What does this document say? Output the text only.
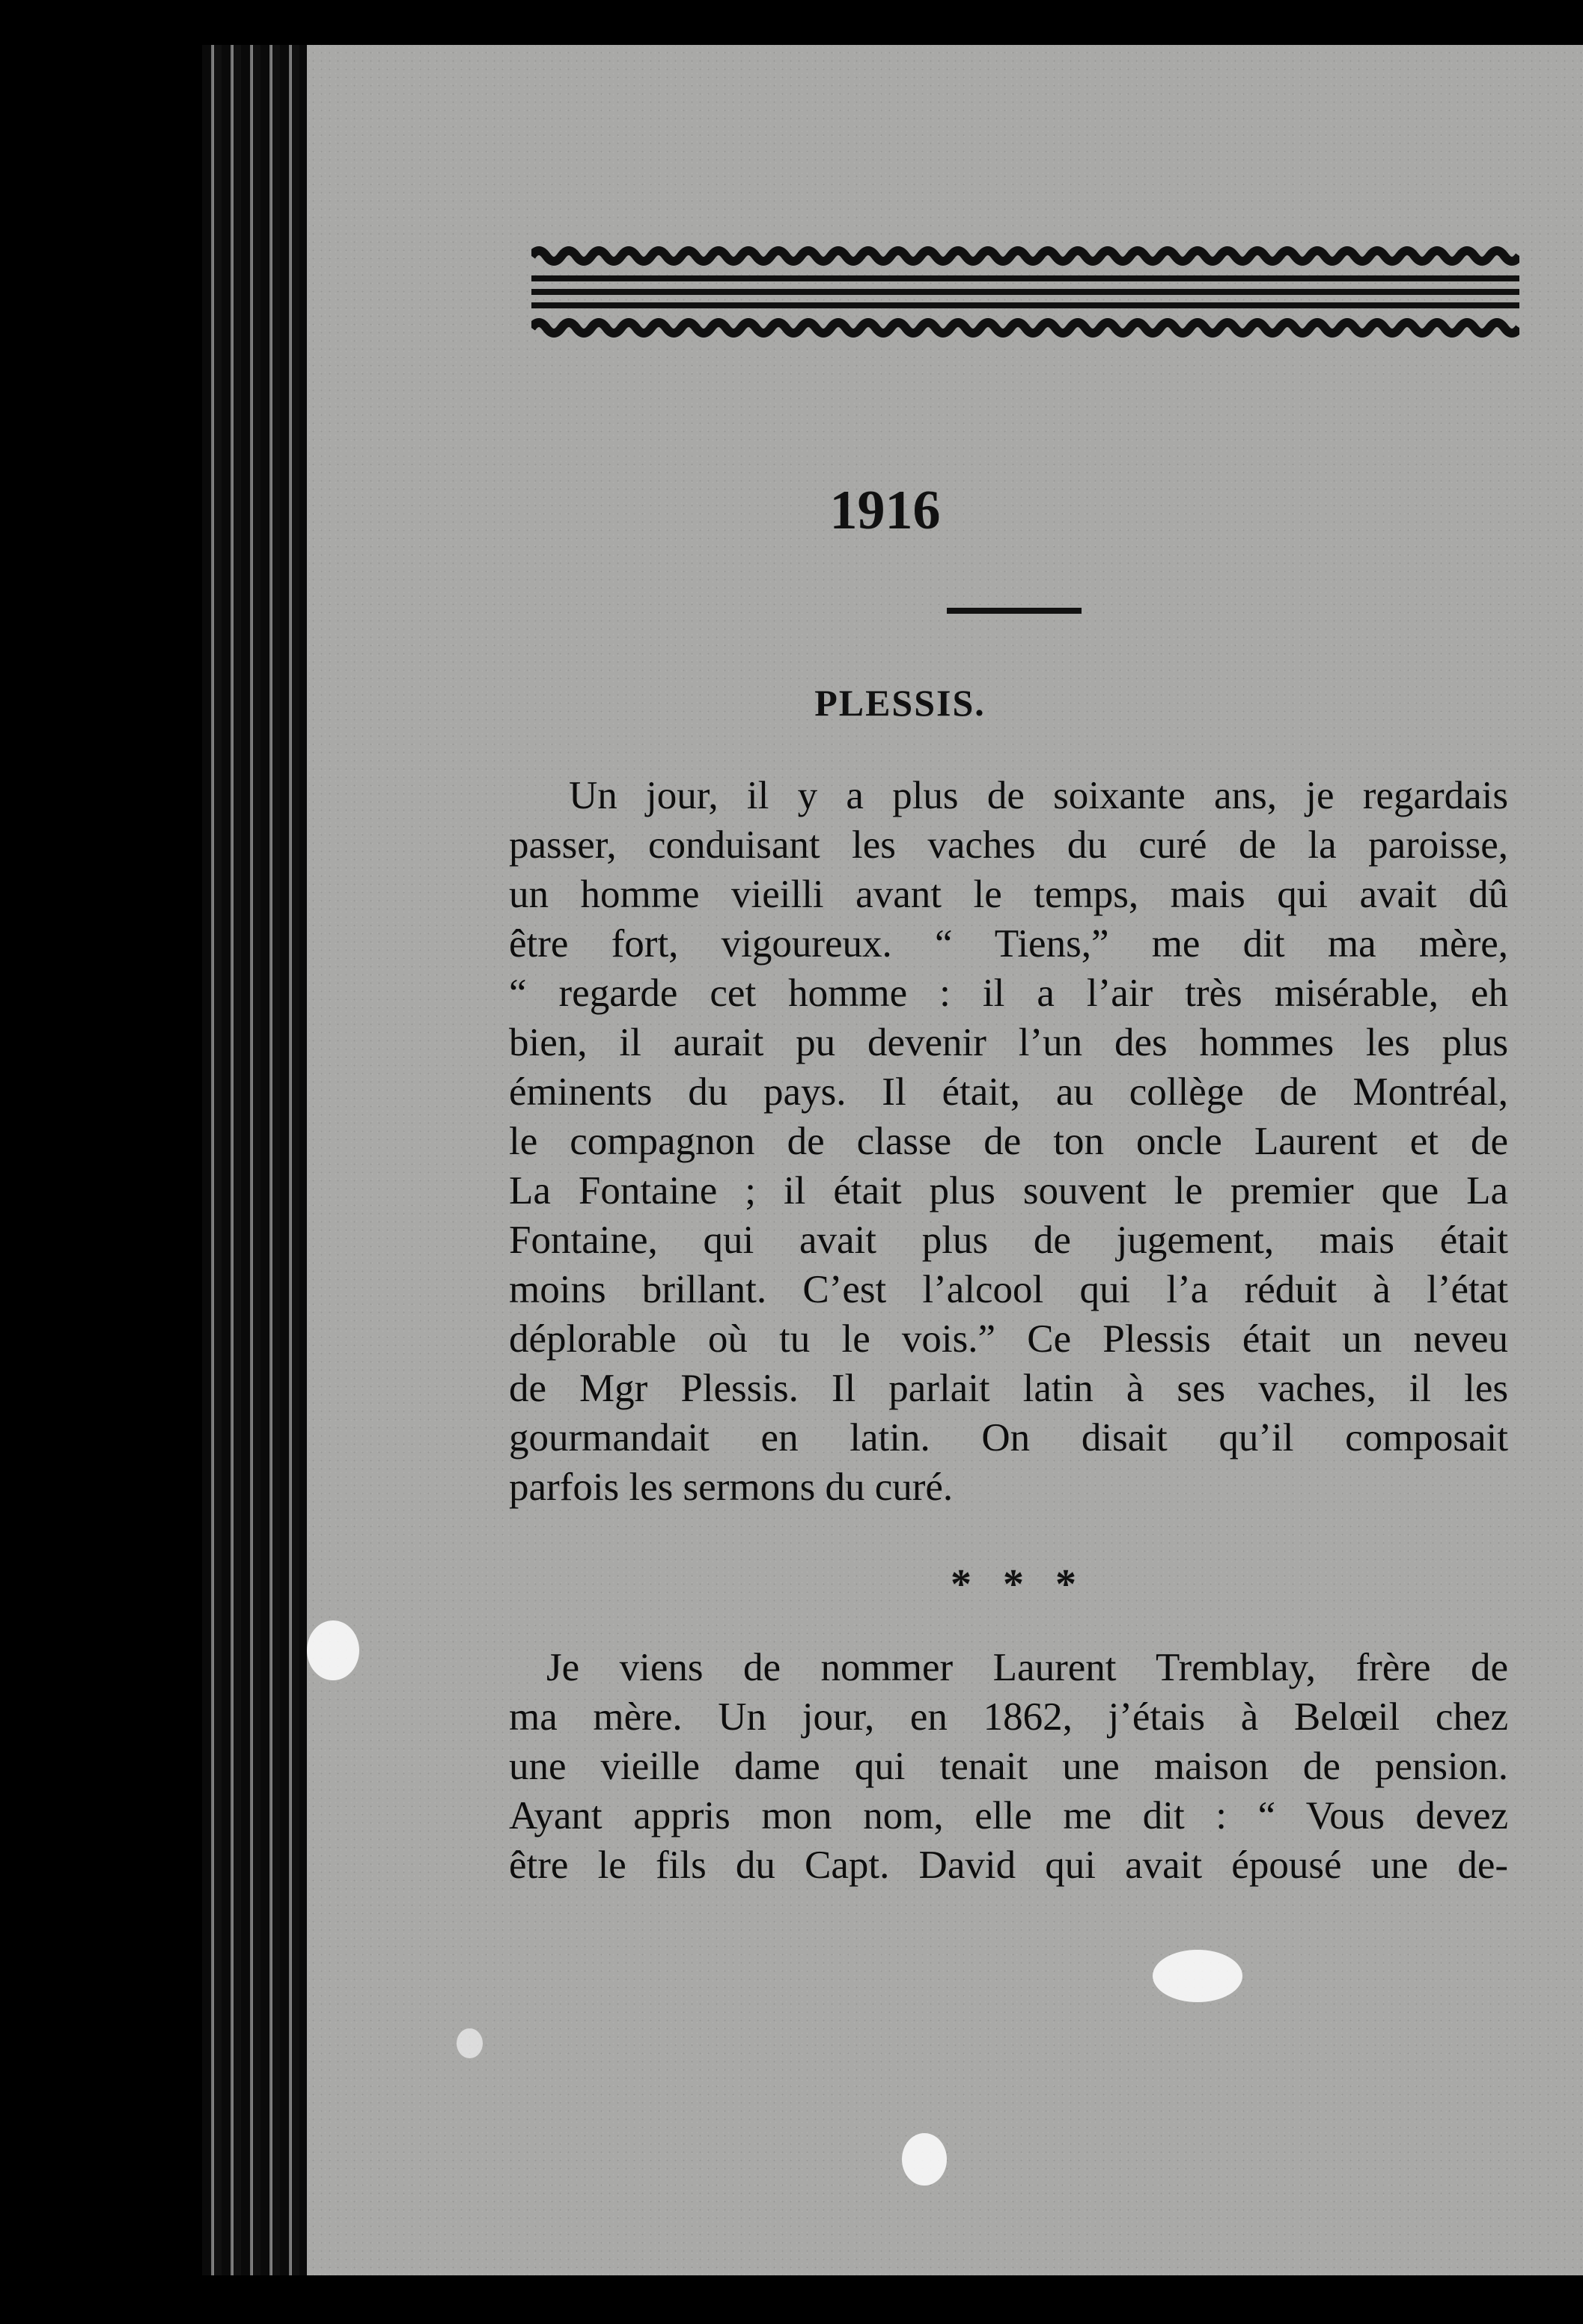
1916
PLESSIS.
Un jour, il y a plus de soixante ans, je regardais
passer, conduisant les vaches du curé de la paroisse,
un homme vieilli avant le temps, mais qui avait dû
être fort, vigoureux. “ Tiens,” me dit ma mère,
“ regarde cet homme : il a l’air très misérable, eh
bien, il aurait pu devenir l’un des hommes les plus
éminents du pays. Il était, au collège de Montréal,
le compagnon de classe de ton oncle Laurent et de
La Fontaine ; il était plus souvent le premier que La
Fontaine, qui avait plus de jugement, mais était
moins brillant. C’est l’alcool qui l’a réduit à l’état
déplorable où tu le vois.” Ce Plessis était un neveu
de Mgr Plessis. Il parlait latin à ses vaches, il les
gourmandait en latin. On disait qu’il composait
parfois les sermons du curé.
* * *
Je viens de nommer Laurent Tremblay, frère de
ma mère. Un jour, en 1862, j’étais à Belœil chez
une vieille dame qui tenait une maison de pension.
Ayant appris mon nom, elle me dit : “ Vous devez
être le fils du Capt. David qui avait épousé une de-
